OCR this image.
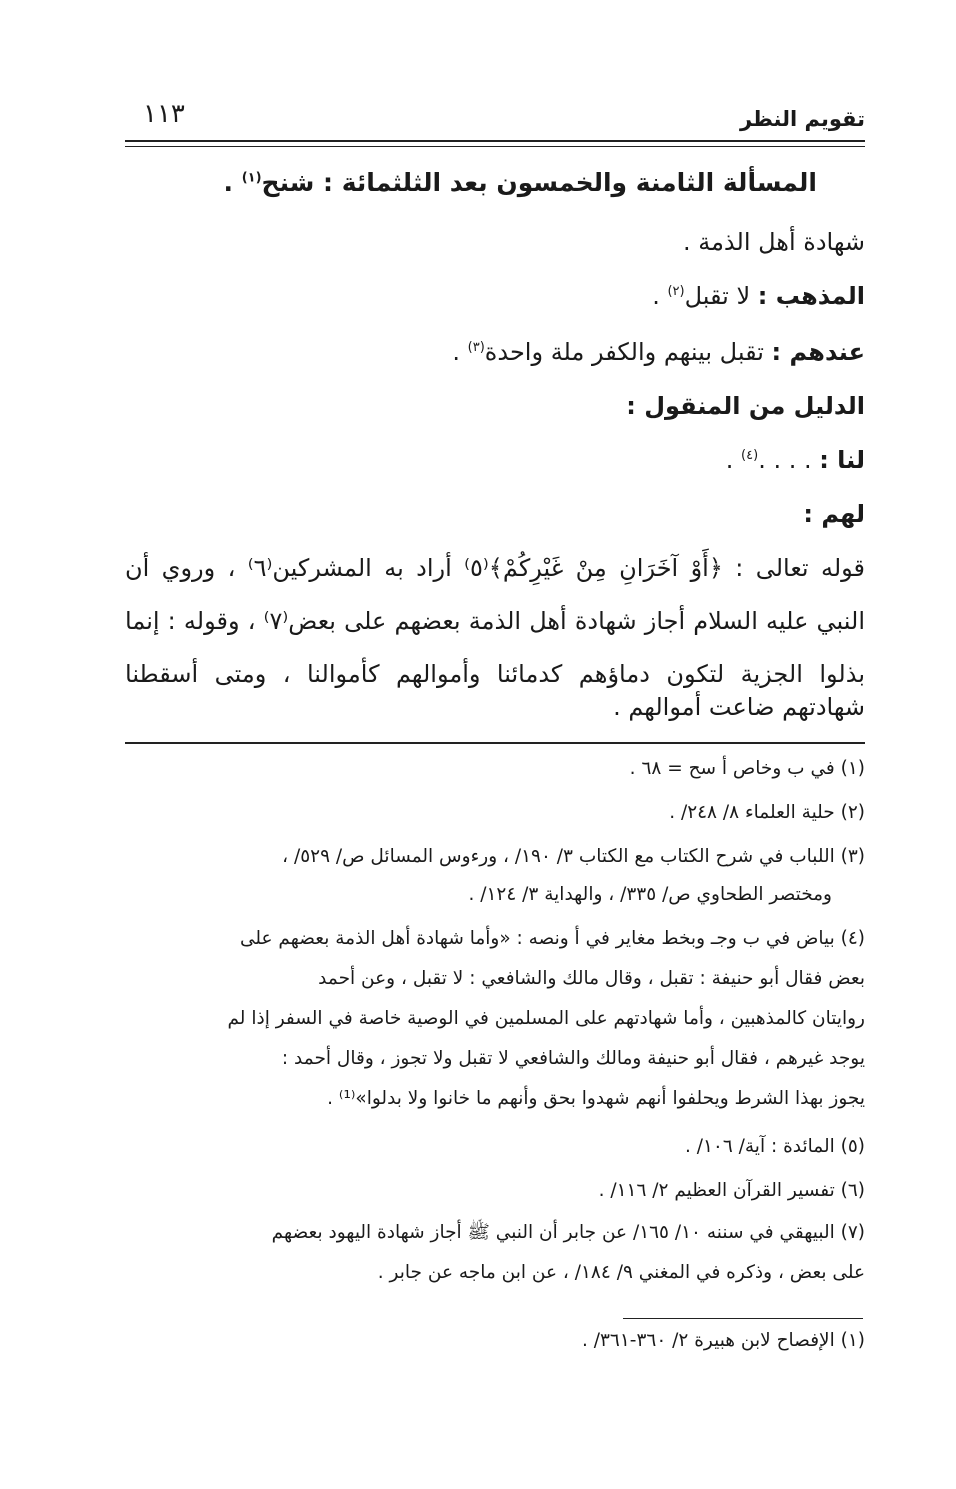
تقويم النظر
١١٣
المسألة الثامنة والخمسون بعد الثلثمائة : شنح$^{(١)}$ .
شهادة أهل الذمة .
المذهب : لا تقبل$^{(٢)}$ .
عندهم : تقبل بينهم والكفر ملة واحدة$^{(٣)}$ .
الدليل من المنقول :
لنا : . . . .$^{(٤)}$ .
لهم :
قوله تعالى : ﴿أَوْ آخَرَانِ مِنْ غَيْرِكُمْ﴾⁽٥⁾ أراد به المشركين⁽٦⁾ ، وروي أن
النبي عليه السلام أجاز شهادة أهل الذمة بعضهم على بعض⁽٧⁾ ، وقوله : إنما
بذلوا الجزية لتكون دماؤهم كدمائنا وأموالهم كأموالنا ، ومتى أسقطنا
شهادتهم ضاعت أموالهم .
(١) في ب وخاص أ سح = ٦٨ .
(٢) حلية العلماء ٨/ ٢٤٨/ .
(٣) اللباب في شرح الكتاب مع الكتاب ٣/ ١٩٠/ ، ورءوس المسائل ص/ ٥٢٩/ ،
ومختصر الطحاوي ص/ ٣٣٥/ ، والهداية ٣/ ١٢٤/ .
(٤) بياض في ب وجـ وبخط مغاير في أ ونصه : «وأما شهادة أهل الذمة بعضهم على
بعض فقال أبو حنيفة : تقبل ، وقال مالك والشافعي : لا تقبل ، وعن أحمد
روايتان كالمذهبين ، وأما شهادتهم على المسلمين في الوصية خاصة في السفر إذا لم
يوجد غيرهم ، فقال أبو حنيفة ومالك والشافعي لا تقبل ولا تجوز ، وقال أحمد :
يجوز بهذا الشرط ويحلفوا أنهم شهدوا بحق وأنهم ما خانوا ولا بدلوا»⁽¹⁾ .
(٥) المائدة : آية/ ١٠٦/ .
(٦) تفسير القرآن العظيم ٢/ ١١٦/ .
(٧) البيهقي في سننه ١٠/ ١٦٥/ عن جابر أن النبي ﷺ أجاز شهادة اليهود بعضهم
على بعض ، وذكره في المغني ٩/ ١٨٤/ ، عن ابن ماجه عن جابر .
(١) الإفصاح لابن هبيرة ٢/ ٣٦٠-٣٦١/ .
